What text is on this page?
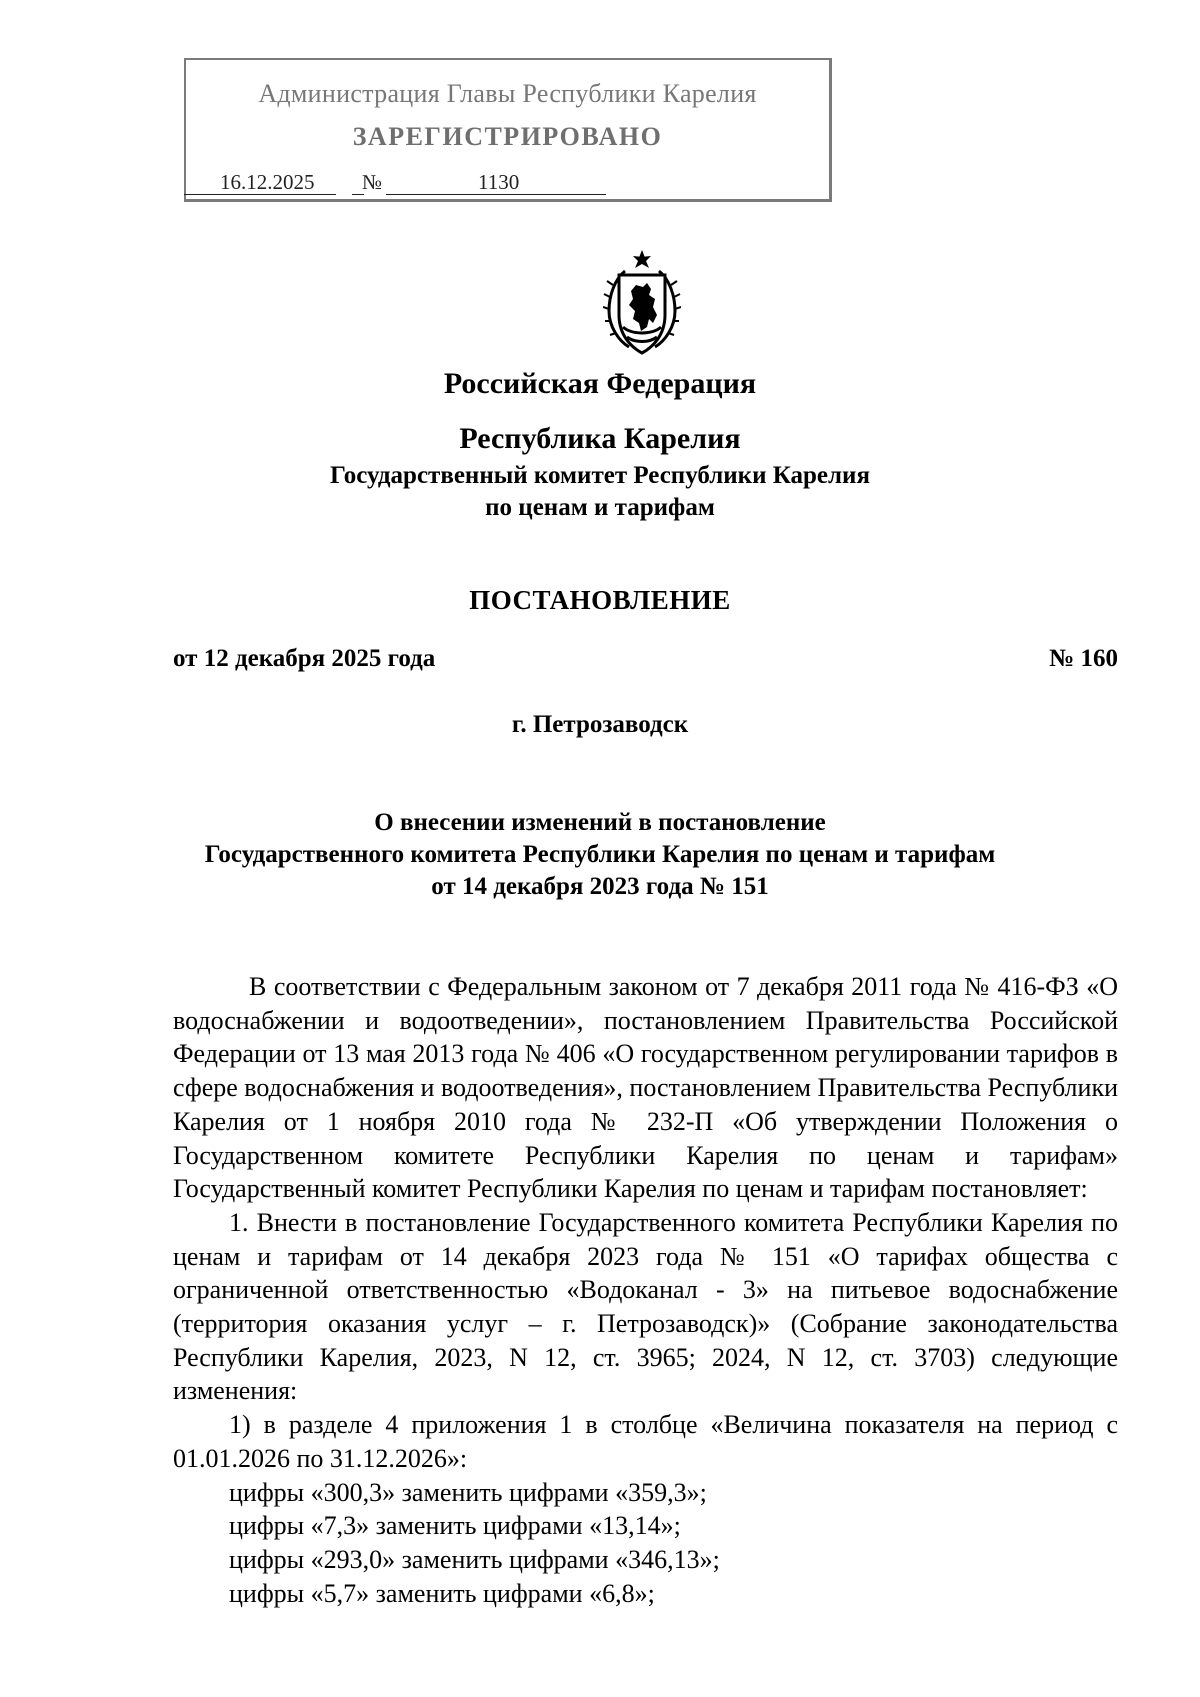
Администрация Главы Республики Карелия
ЗАРЕГИСТРИРОВАНО
16.12.2025 №	1130
Российская Федерация
Республика Карелия
Государственный комитет Республики Карелия
по ценам и тарифам
ПОСТАНОВЛЕНИЕ
от 12 декабря 2025 года	№ 160
г. Петрозаводск
О внесении изменений в постановление
Государственного комитета Республики Карелия по ценам и тарифам
от 14 декабря 2023 года № 151

В соответствии с Федеральным законом от 7 декабря 2011 года № 416-ФЗ «О водоснабжении и водоотведении», постановлением Правительства Российской Федерации от 13 мая 2013 года № 406 «О государственном регулировании тарифов в сфере водоснабжения и водоотведения», постановлением Правительства Республики Карелия от 1 ноября 2010 года № 232-П «Об утверждении Положения о Государственном комитете Республики Карелия по ценам и тарифам» Государственный комитет Республики Карелия по ценам и тарифам постановляет:

1. Внести в постановление Государственного комитета Республики Карелия по ценам и тарифам от 14 декабря 2023 года № 151 «О тарифах общества с ограниченной ответственностью «Водоканал - 3» на питьевое водоснабжение (территория оказания услуг – г. Петрозаводск)» (Собрание законодательства Республики Карелия, 2023, N 12, ст. 3965; 2024, N 12, ст. 3703) следующие изменения:

1) в разделе 4 приложения 1 в столбце «Величина показателя на период с 01.01.2026 по 31.12.2026»:

цифры «300,3» заменить цифрами «359,3»;

цифры «7,3» заменить цифрами «13,14»;

цифры «293,0» заменить цифрами «346,13»;

цифры «5,7» заменить цифрами «6,8»;
